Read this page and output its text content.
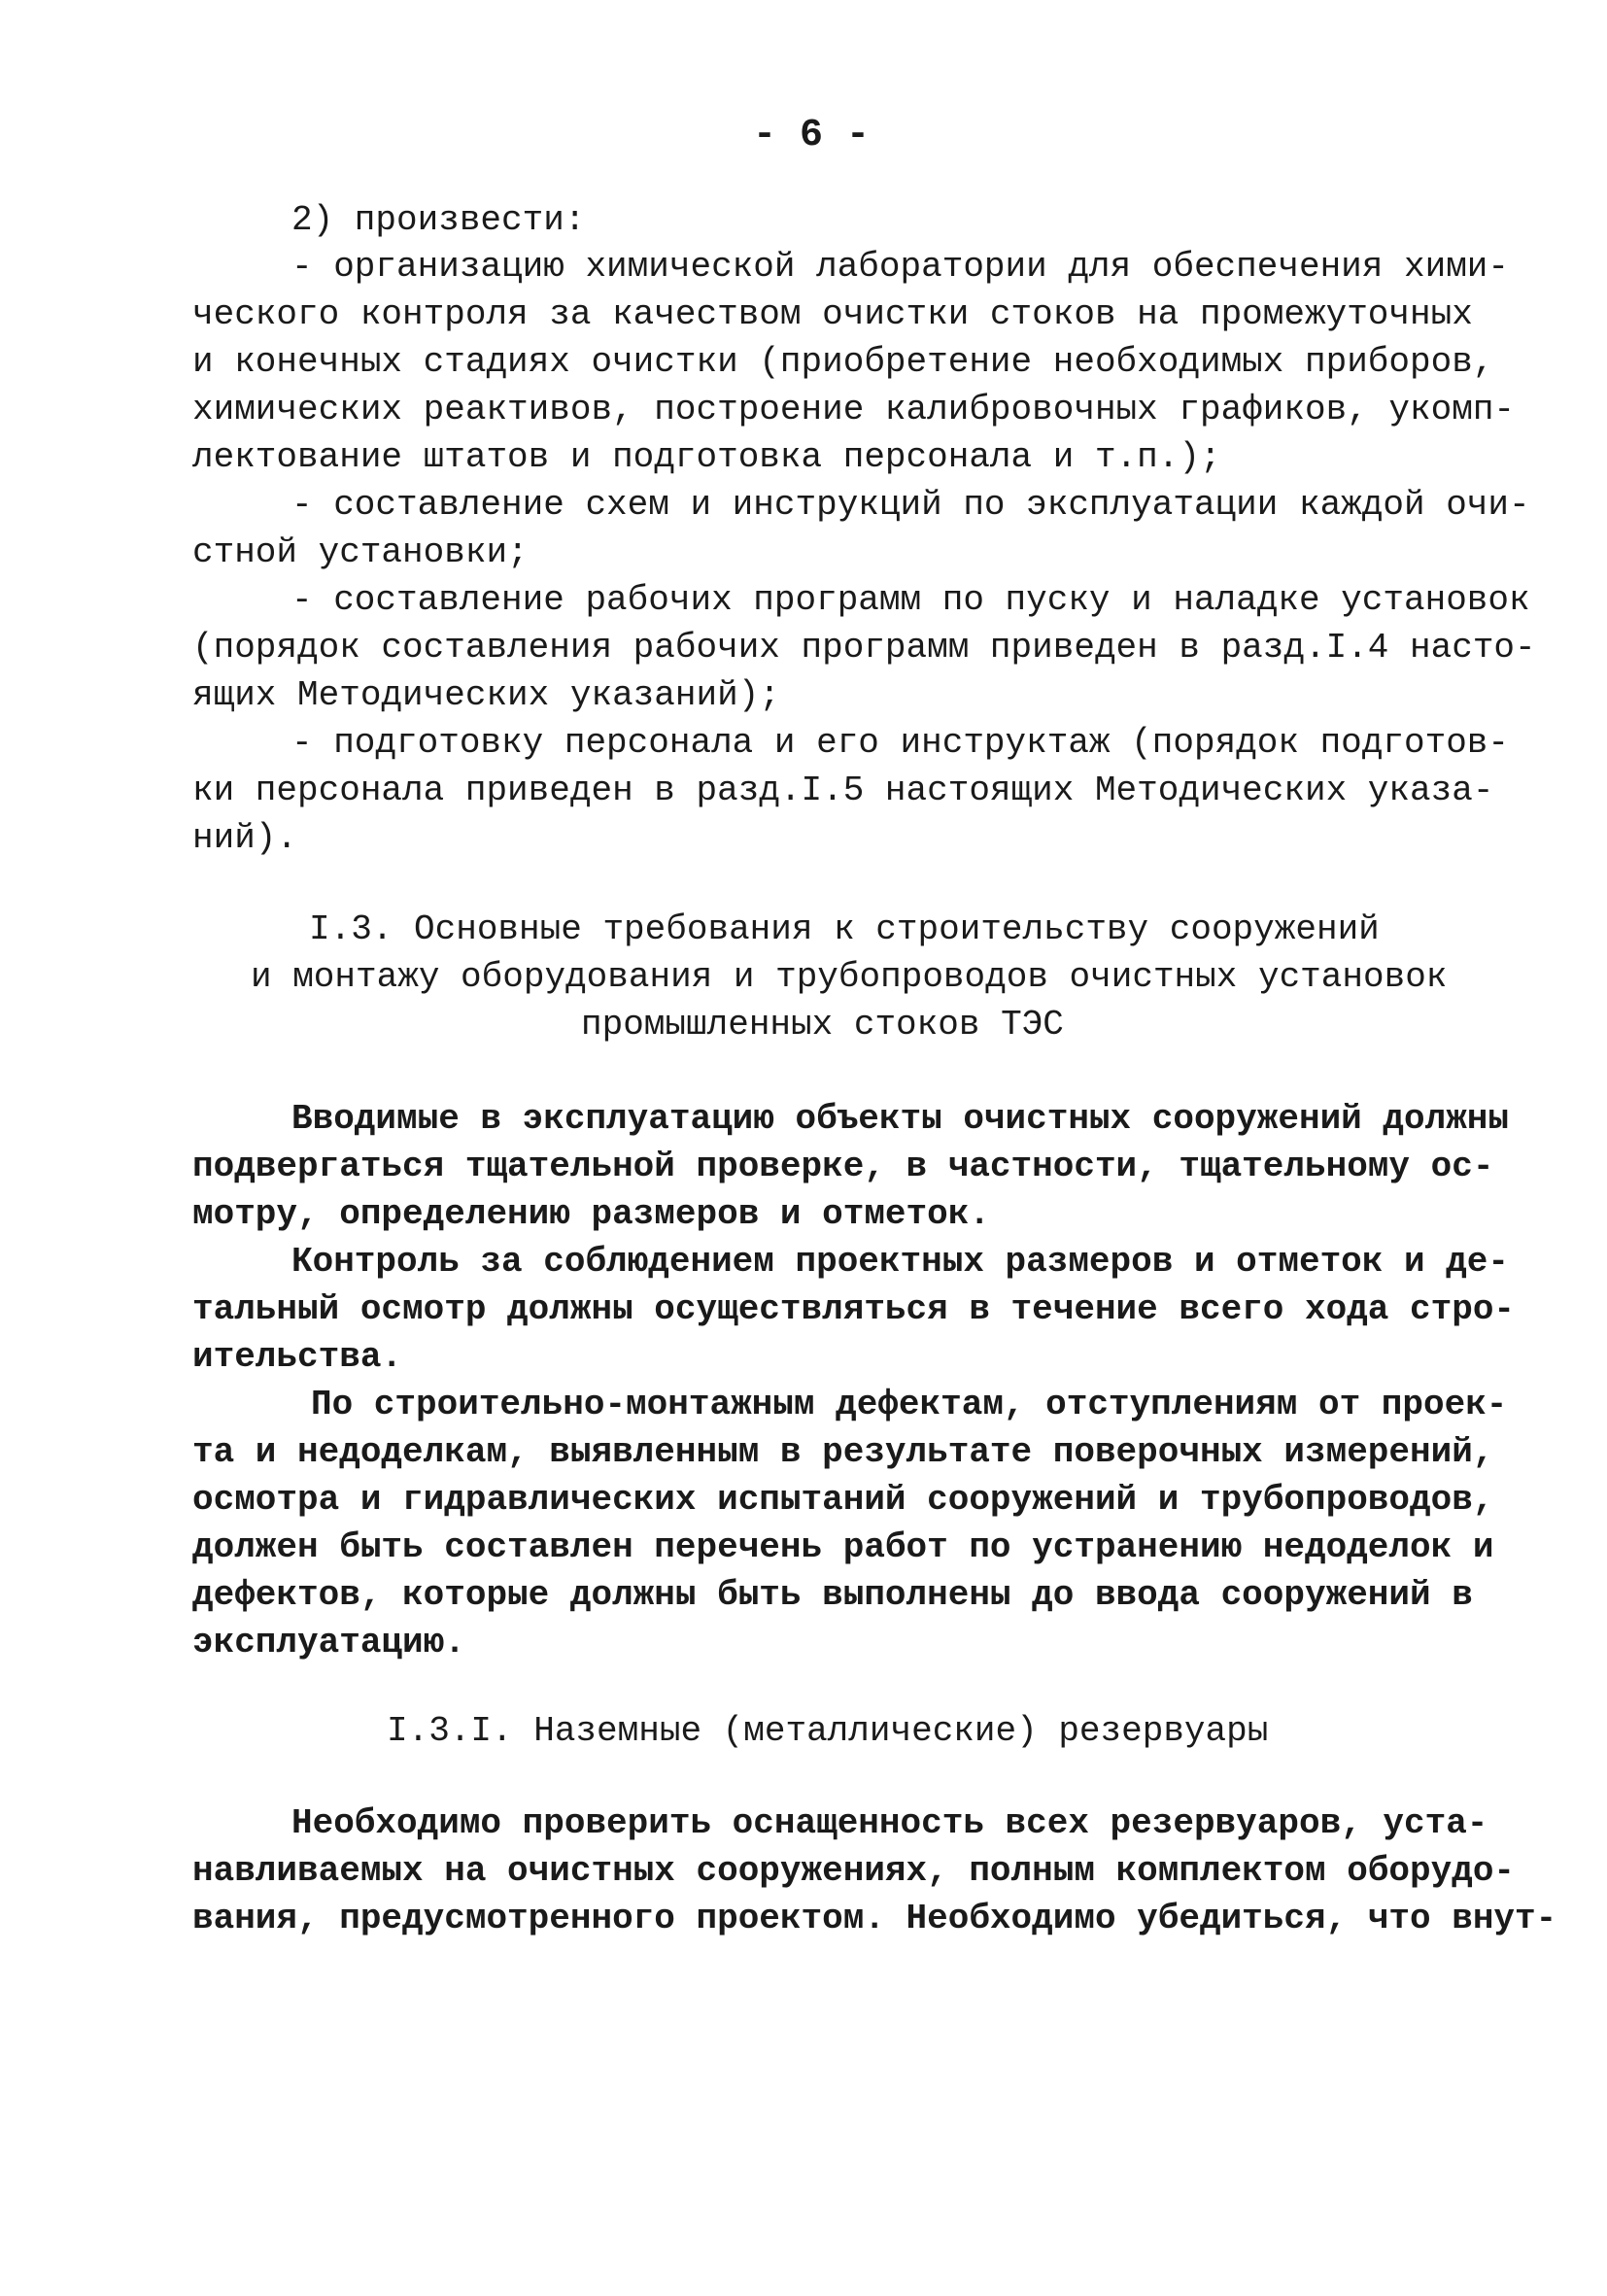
- 6 -
2) произвести:
- организацию химической лаборатории для обеспечения хими-
ческого контроля за качеством очистки стоков на промежуточных
и конечных стадиях очистки (приобретение необходимых приборов,
химических реактивов, построение калибровочных графиков, укомп-
лектование штатов и подготовка персонала и т.п.);
- составление схем и инструкций по эксплуатации каждой очи-
стной установки;
- составление рабочих программ по пуску и наладке установок
(порядок составления рабочих программ приведен в разд.I.4 насто-
ящих Методических указаний);
- подготовку персонала и его инструктаж (порядок подготов-
ки персонала приведен в разд.I.5 настоящих Методических указа-
ний).
I.3. Основные требования к строительству сооружений
и монтажу оборудования и трубопроводов очистных установок
промышленных стоков ТЭС
Вводимые в эксплуатацию объекты очистных сооружений должны
подвергаться тщательной проверке, в частности, тщательному ос-
мотру, определению размеров и отметок.
Контроль за соблюдением проектных размеров и отметок и де-
тальный осмотр должны осуществляться в течение всего хода стро-
ительства.
По строительно-монтажным дефектам, отступлениям от проек-
та и недоделкам, выявленным в результате поверочных измерений,
осмотра и гидравлических испытаний сооружений и трубопроводов,
должен быть составлен перечень работ по устранению недоделок и
дефектов, которые должны быть выполнены до ввода сооружений в
эксплуатацию.
I.3.I. Наземные (металлические) резервуары
Необходимо проверить оснащенность всех резервуаров, уста-
навливаемых на очистных сооружениях, полным комплектом оборудо-
вания, предусмотренного проектом. Необходимо убедиться, что внут-
